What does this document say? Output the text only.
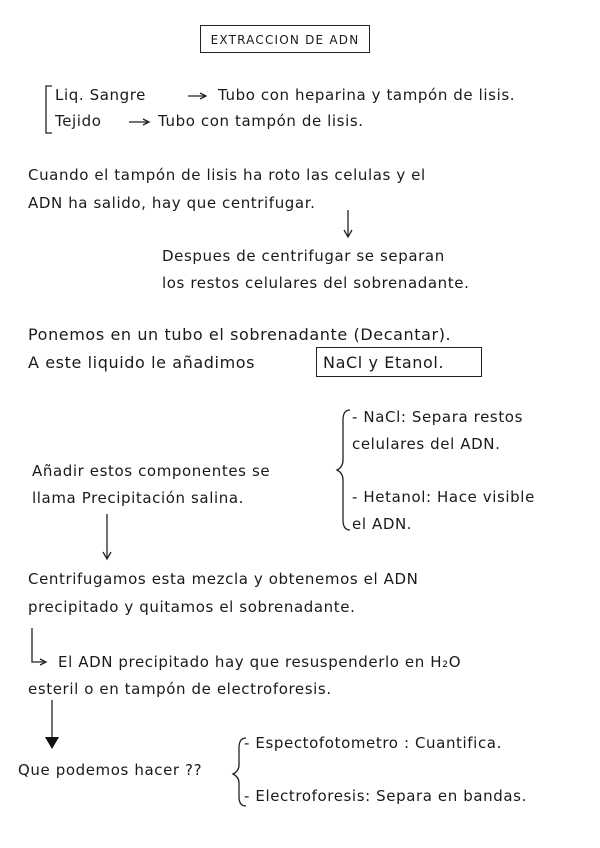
EXTRACCION DE ADN
Liq. Sangre	Tubo con heparina y tampón de lisis.
Tejido	Tubo con tampón de lisis.
Cuando el tampón de lisis ha roto las celulas y el
ADN ha salido, hay que centrifugar.
Despues de centrifugar se separan
los restos celulares del sobrenadante.
Ponemos en un tubo el sobrenadante (Decantar).
A este liquido le añadimos	NaCl y Etanol.
Añadir estos componentes se
llama Precipitación salina.
- NaCl: Separa restos
celulares del ADN.
- Hetanol: Hace visible
el ADN.
Centrifugamos esta mezcla y obtenemos el ADN
precipitado y quitamos el sobrenadante.
El ADN precipitado hay que resuspenderlo en H₂O
esteril o en tampón de electroforesis.
Que podemos hacer ??
- Espectofotometro : Cuantifica.
- Electroforesis: Separa en bandas.
